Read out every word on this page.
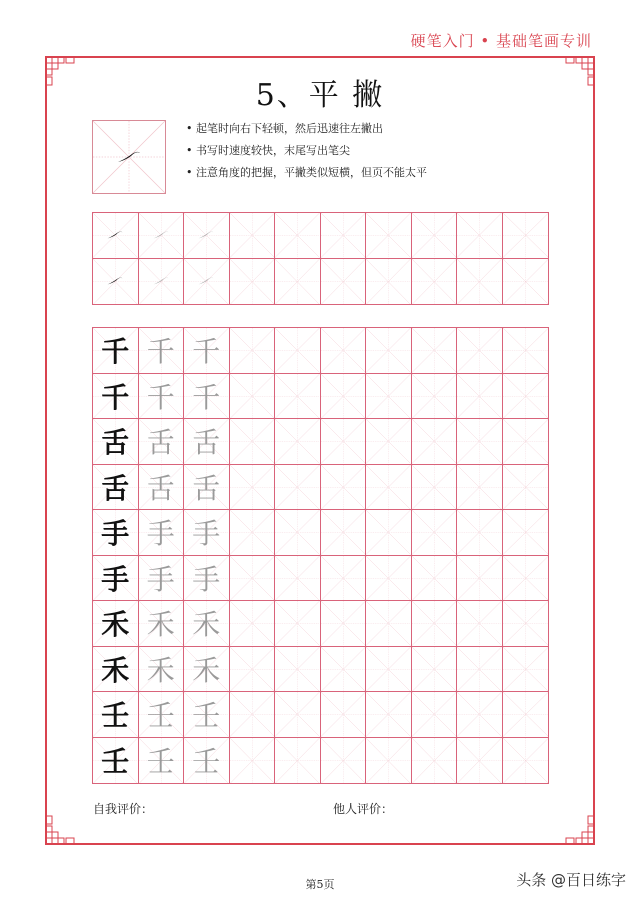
硬笔入门 • 基础笔画专训
5、平 撇
• 起笔时向右下轻顿，然后迅速往左撇出
• 书写时速度较快，末尾写出笔尖
• 注意角度的把握，平撇类似短横，但页不能太平
千 千 千
千 千 千
舌 舌 舌
舌 舌 舌
手 手 手
手 手 手
禾 禾 禾
禾 禾 禾
壬 壬 壬
壬 壬 壬
自我评价：	他人评价：
第5页	头条 @百日练字
